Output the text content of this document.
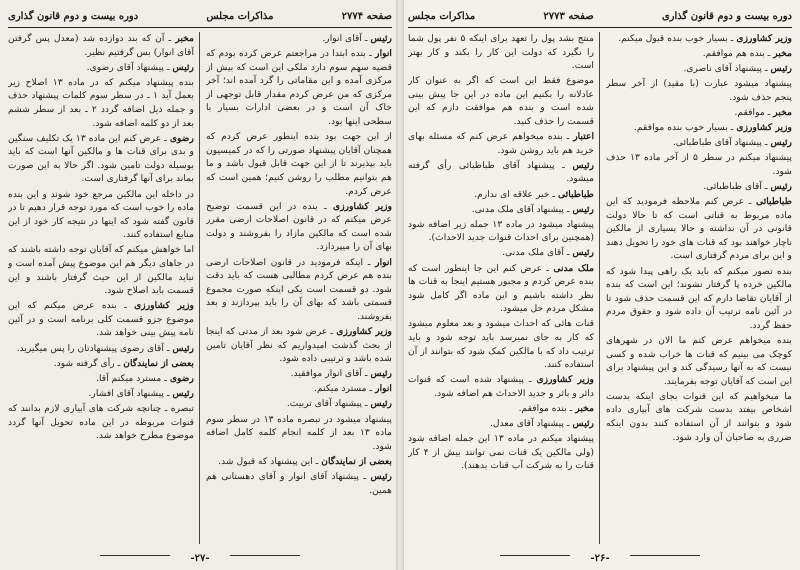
صفحه ۲۷۷۴
مذاکرات مجلس
دوره بیست و دوم قانون گذاری

رئیس ـ آقای انوار.

انوار ـ بنده ابتدا در مراجعتم عرض کرده بودم که قضیه سهم سوم دارد ملکی این است که بیش از مرکزی آمده و این مقاماتی را گرد آمده اند؛ آخر مرکزی که من عرض کردم مقدار قابل توجهی از خاک آن است و در بعضی ادارات بسیار با سطحی اینها بود.

از این جهت بود بنده اینطور عرض کردم که همچنان آقایان پیشنهاد صورتی را که در کمیسیون باید بپذیرند تا از این جهت قابل قبول باشد و ما هم بتوانیم مطلب را روشن کنیم؛ همین است که عرض کردم.

وزیر کشاورزی ـ بنده در این قسمت توضیح عرض میکنم که در قانون اصلاحات ارضی مقرر شده است که مالکین مازاد را بفروشند و دولت بهای آن را میپردازد.

انوار ـ اینکه فرمودید در قانون اصلاحات ارضی بنده هم عرض کردم مطالبی هست که باید دقت شود. دو قسمت است یکی اینکه صورت مجموع قسمتی باشد که بهای آن را باید بپردازند و بعد بفروشند.

وزیر کشاورزی ـ عرض شود بعد از مدتی که اینجا از بحث گذشت امیدواریم که نظر آقایان تامین شده باشد و ترتیبی داده شود.

رئیس ـ آقای انوار موافقید.

انوار ـ مسترد میکنم.

رئیس ـ پیشنهاد آقای تربیت.

پیشنهاد میشود در تبصره ماده ۱۳ در سطر سوم ماده ۱۳ بعد از کلمه انجام کلمه کامل اضافه شود.

بعضی از نمایندگان ـ این پیشنهاد که قبول شد.

رئیس ـ پیشنهاد آقای انوار و آقای دهستانی هم همین.

مخبر ـ آن که بند دوازده شد (معدل پس گرفتن آقای انوار) بس گرفتیم نظیر.

رئیس ـ پیشنهاد آقای رضوی.

بنده پیشنهاد میکنم که در ماده ۱۳ اصلاح زیر بعمل آید ۱ ـ در سطر سوم کلمات پیشنهاد حذف و جمله ذیل اضافه گردد ۲ ـ بعد از سطر ششم بعد از دو کلمه اضافه شود.

رضوی ـ عرض کنم این ماده ۱۳ یک تکلیف سنگین و بدی برای قنات ها و مالکین آنها است که باید بوسیله دولت تامین شود. اگر حالا به این صورت بماند برای آنها گرفتاری است.

در داخله این مالکین مرجع خود شوند و این بنده ماده را خوب است که مورد توجه قرار دهیم تا در قانون گفته شود که اینها در نتیجه کار خود از این منابع استفاده کنند.

اما خواهش میکنم که آقایان توجه داشته باشند که در جاهای دیگر هم این موضوع پیش آمده است و نباید مالکین از این حیث گرفتار باشند و این قسمت باید اصلاح شود.

وزیر کشاورزی ـ بنده عرض میکنم که این موضوع جزو قسمت کلی برنامه است و در آئین نامه پیش بینی خواهد شد.

رئیس ـ آقای رضوی پیشنهادتان را پس میگیرید.

بعضی از نمایندگان ـ رأی گرفته شود.

رضوی ـ مسترد میکنم آقا.

رئیس ـ پیشنهاد آقای افشار.

تبصره ـ چنانچه شرکت های آبیاری لازم بدانند که قنوات مربوطه در این ماده تحویل آنها گردد موضوع مطرح خواهد شد.

-۲۷-
دوره بیست و دوم قانون گذاری
صفحه ۲۷۷۳
مذاکرات مجلس

وزیر کشاورزی ـ بسیار خوب بنده قبول میکنم.

مخبر ـ بنده هم موافقم.

رئیس ـ پیشنهاد آقای ناصری.

پیشنهاد میشود عبارت (با مقید) از آخر سطر پنجم حذف شود.

مخبر ـ موافقم.

وزیر کشاورزی ـ بسیار خوب بنده موافقم.

رئیس ـ پیشنهاد آقای طباطبائی.

پیشنهاد میکنم در سطر ۵ از آخر ماده ۱۳ حذف شود.

رئیس ـ آقای طباطبائی.

طباطبائی ـ عرض کنم ملاحظه فرمودید که این ماده مربوط به قناتی است که تا حالا دولت قانونی در آن نداشته و حالا بسیاری از مالکین ناچار خواهند بود که قنات های خود را تحویل دهند و این برای مردم گرفتاری است.

بنده تصور میکنم که باید یک راهی پیدا شود که مالکین خرده پا گرفتار نشوند؛ این است که بنده از آقایان تقاضا دارم که این قسمت حذف شود تا در آئین نامه ترتیب آن داده شود و حقوق مردم حفظ گردد.

بنده میخواهم عرض کنم ما الان در شهرهای کوچک می بینیم که قنات ها خراب شده و کسی نیست که به آنها رسیدگی کند و این پیشنهاد برای این است که آقایان توجه بفرمایند.

ما میخواهیم که این قنوات بجای اینکه بدست اشخاص بیفتد بدست شرکت های آبیاری داده شود و بتوانند از آن استفاده کنند بدون اینکه ضرری به صاحبان آن وارد شود.

منتج بشد پول را تعهد برای اینکه ۵ نفر پول شما را نگیرد که دولت این کار را بکند و کار بهتر است.

موضوع فقط این است که اگر به عنوان کار عادلانه را بکنیم این ماده در این جا پیش بینی شده است و بنده هم موافقت دارم که این قسمت را حذف کنید.

اعتبار ـ بنده میخواهم عرض کنم که مسئله بهای خرید هم باید روشن شود.

رئیس ـ پیشنهاد آقای طباطبائی رأی گرفته میشود.

طباطبائی ـ خیر علاقه ای ندارم.

رئیس ـ پیشنهاد آقای ملک مدنی.

پیشنهاد میشود در ماده ۱۳ جمله زیر اضافه شود (همچنین برای احداث قنوات جدید الاحداث).

رئیس ـ آقای ملک مدنی.

ملک مدنی ـ عرض کنم این جا اینطور است که بنده عرض کردم و مجبور هستیم اینجا به قنات ها نظر داشته باشیم و این ماده اگر کامل شود مشکل مردم حل میشود.

قنات هائی که احداث میشود و بعد معلوم میشود که کار به جای نمیرسد باید توجه شود و باید ترتیب داد که با مالکین کمک شود که بتوانند از آن استفاده کنند.

وزیر کشاورزی ـ پیشنهاد شده است که قنوات دائر و بائر و جدید الاحداث هم اضافه شود.

مخبر ـ بنده موافقم.

رئیس ـ پیشنهاد آقای معدل.

پیشنهاد میکنم در ماده ۱۳ این جمله اضافه شود (ولی مالکین یک قنات نمی توانند بیش از ۴ کار قنات را به شرکت آب قنات بدهند).

-۲۶-
